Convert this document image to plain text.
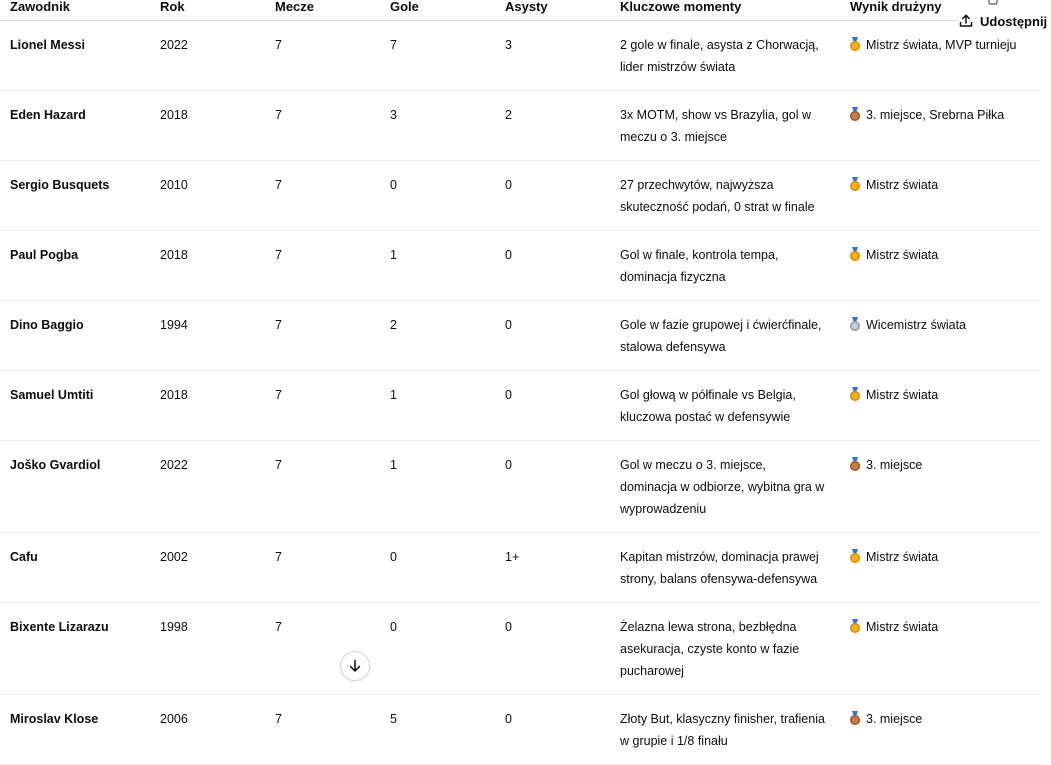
Zawodnik	Rok	Mecze	Gole	Asysty	Kluczowe momenty	Wynik drużyny
Lionel Messi	2022	7	7	3	2 gole w finale, asysta z Chorwacją, lider mistrzów świata	Mistrz świata, MVP turnieju
Eden Hazard	2018	7	3	2	3x MOTM, show vs Brazylia, gol w meczu o 3. miejsce	3. miejsce, Srebrna Piłka
Sergio Busquets	2010	7	0	0	27 przechwytów, najwyższa skuteczność podań, 0 strat w finale	Mistrz świata
Paul Pogba	2018	7	1	0	Gol w finale, kontrola tempa, dominacja fizyczna	Mistrz świata
Dino Baggio	1994	7	2	0	Gole w fazie grupowej i ćwierćfinale, stalowa defensywa	Wicemistrz świata
Samuel Umtiti	2018	7	1	0	Gol głową w półfinale vs Belgia, kluczowa postać w defensywie	Mistrz świata
Joško Gvardiol	2022	7	1	0	Gol w meczu o 3. miejsce, dominacja w odbiorze, wybitna gra w wyprowadzeniu	3. miejsce
Cafu	2002	7	0	1+	Kapitan mistrzów, dominacja prawej strony, balans ofensywa-defensywa	Mistrz świata
Bixente Lizarazu	1998	7	0	0	Żelazna lewa strona, bezbłędna asekuracja, czyste konto w fazie pucharowej	Mistrz świata
Miroslav Klose	2006	7	5	0	Złoty But, klasyczny finisher, trafienia w grupie i 1/8 finału	3. miejsce
Udostępnij
